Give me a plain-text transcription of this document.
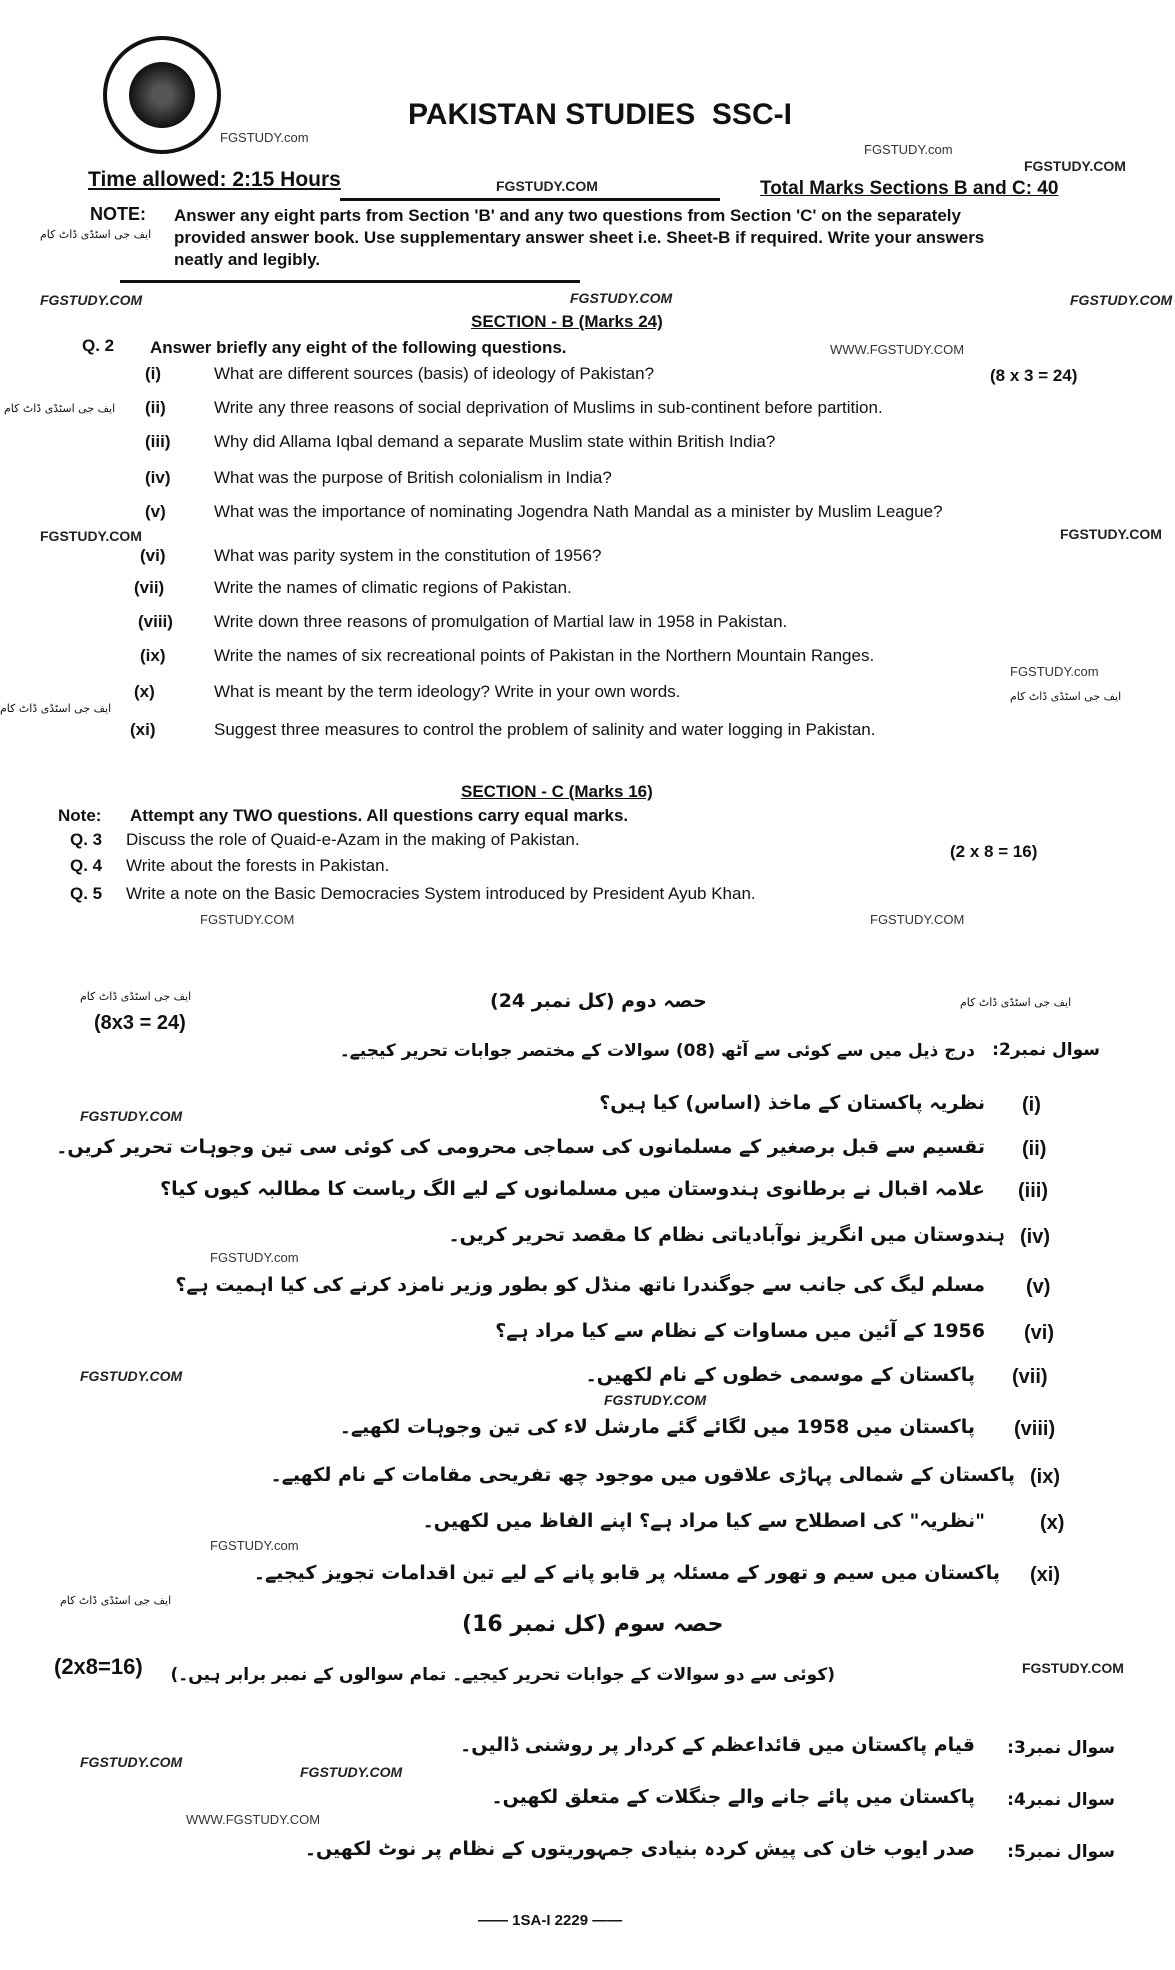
PAKISTAN STUDIES SSC-I
FGSTUDY.com
FGSTUDY.com
Time allowed: 2:15 Hours	FGSTUDY.COM
FGSTUDY.COM
Total Marks Sections B and C: 40
NOTE:
ایف جی اسٹڈی ڈاٹ کام
Answer any eight parts from Section 'B' and any two questions from Section 'C' on the separately
provided answer book. Use supplementary answer sheet i.e. Sheet-B if required. Write your answers
neatly and legibly.
FGSTUDY.COM	FGSTUDY.COM	FGSTUDY.COM
SECTION - B (Marks 24)
Q. 2 Answer briefly any eight of the following questions.	WWW.FGSTUDY.COM
(8 x 3 = 24)
ایف جی اسٹڈی ڈاٹ کام
FGSTUDY.COM	FGSTUDY.COM
FGSTUDY.com
(i)	What are different sources (basis) of ideology of Pakistan?
(ii)	Write any three reasons of social deprivation of Muslims in sub-continent before partition.
(iii)	Why did Allama Iqbal demand a separate Muslim state within British India?
(iv)	What was the purpose of British colonialism in India?
(v)	What was the importance of nominating Jogendra Nath Mandal as a minister by Muslim League?
(vi)	What was parity system in the constitution of 1956?
(vii)	Write the names of climatic regions of Pakistan.
(viii) Write down three reasons of promulgation of Martial law in 1958 in Pakistan.
(ix)	Write the names of six recreational points of Pakistan in the Northern Mountain Ranges.
(x)	What is meant by the term ideology? Write in your own words.
(xi)	Suggest three measures to control the problem of salinity and water logging in Pakistan.
ایف جی اسٹڈی ڈاٹ کام
ایف جی اسٹڈی ڈاٹ کام
SECTION - C (Marks 16)
Note: Attempt any TWO questions. All questions carry equal marks.
(2 x 8 = 16)
Q. 3 Discuss the role of Quaid-e-Azam in the making of Pakistan.
Q. 4 Write about the forests in Pakistan.
Q. 5 Write a note on the Basic Democracies System introduced by President Ayub Khan.
FGSTUDY.COM	FGSTUDY.COM
ایف جی اسٹڈی ڈاٹ کام
(8x3 = 24)
حصہ دوم (کل نمبر 24)	ایف جی اسٹڈی ڈاٹ کام
سوال نمبر2:
درج ذیل میں سے کوئی سے آٹھ (08) سوالات کے مختصر جوابات تحریر کیجیے۔
FGSTUDY.COM
FGSTUDY.com
FGSTUDY.COM
FGSTUDY.COM
FGSTUDY.com
(i)
نظریہ پاکستان کے ماخذ (اساس) کیا ہیں؟
(ii)
تقسیم سے قبل برصغیر کے مسلمانوں کی سماجی محرومی کی کوئی سی تین وجوہات تحریر کریں۔
(iii)
علامہ اقبال نے برطانوی ہندوستان میں مسلمانوں کے لیے الگ ریاست کا مطالبہ کیوں کیا؟
(iv)
ہندوستان میں انگریز نوآبادیاتی نظام کا مقصد تحریر کریں۔
(v)
مسلم لیگ کی جانب سے جوگندرا ناتھ منڈل کو بطور وزیر نامزد کرنے کی کیا اہمیت ہے؟
(vi)
1956 کے آئین میں مساوات کے نظام سے کیا مراد ہے؟
(vii)
پاکستان کے موسمی خطوں کے نام لکھیں۔
(viii)
پاکستان میں 1958 میں لگائے گئے مارشل لاء کی تین وجوہات لکھیے۔
(ix)
پاکستان کے شمالی پہاڑی علاقوں میں موجود چھ تفریحی مقامات کے نام لکھیے۔
(x)
"نظریہ" کی اصطلاح سے کیا مراد ہے؟ اپنے الفاظ میں لکھیں۔
(xi)
پاکستان میں سیم و تھور کے مسئلہ پر قابو پانے کے لیے تین اقدامات تجویز کیجیے۔
ایف جی اسٹڈی ڈاٹ کام
حصہ سوم (کل نمبر 16)
(2x8=16)	FGSTUDY.COM
(کوئی سے دو سوالات کے جوابات تحریر کیجیے۔ تمام سوالوں کے نمبر برابر ہیں۔)
FGSTUDY.COM
FGSTUDY.COM
WWW.FGSTUDY.COM
سوال نمبر3:
قیام پاکستان میں قائداعظم کے کردار پر روشنی ڈالیں۔
سوال نمبر4:
پاکستان میں پائے جانے والے جنگلات کے متعلق لکھیں۔
سوال نمبر5:
صدر ایوب خان کی پیش کردہ بنیادی جمہوریتوں کے نظام پر نوٹ لکھیں۔
—— 1SA-I 2229 ——
